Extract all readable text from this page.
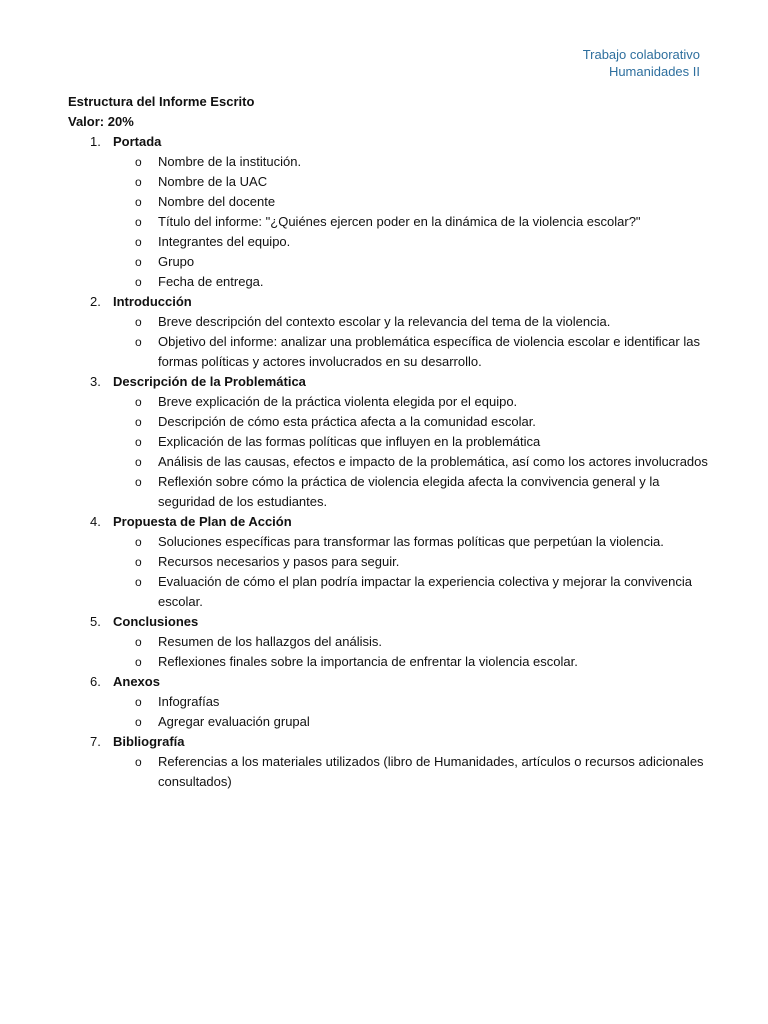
Trabajo colaborativo
Humanidades II
Estructura del Informe Escrito
Valor: 20%
1. Portada
o Nombre de la institución.
o Nombre de la UAC
o Nombre del docente
o Título del informe: "¿Quiénes ejercen poder en la dinámica de la violencia escolar?"
o Integrantes del equipo.
o Grupo
o Fecha de entrega.
2. Introducción
o Breve descripción del contexto escolar y la relevancia del tema de la violencia.
o Objetivo del informe: analizar una problemática específica de violencia escolar e identificar las formas políticas y actores involucrados en su desarrollo.
3. Descripción de la Problemática
o Breve explicación de la práctica violenta elegida por el equipo.
o Descripción de cómo esta práctica afecta a la comunidad escolar.
o Explicación de las formas políticas que influyen en la problemática
o Análisis de las causas, efectos e impacto de la problemática, así como los actores involucrados
o Reflexión sobre cómo la práctica de violencia elegida afecta la convivencia general y la seguridad de los estudiantes.
4. Propuesta de Plan de Acción
o Soluciones específicas para transformar las formas políticas que perpetúan la violencia.
o Recursos necesarios y pasos para seguir.
o Evaluación de cómo el plan podría impactar la experiencia colectiva y mejorar la convivencia escolar.
5. Conclusiones
o Resumen de los hallazgos del análisis.
o Reflexiones finales sobre la importancia de enfrentar la violencia escolar.
6. Anexos
o Infografías
o Agregar evaluación grupal
7. Bibliografía
o Referencias a los materiales utilizados (libro de Humanidades, artículos o recursos adicionales consultados)
